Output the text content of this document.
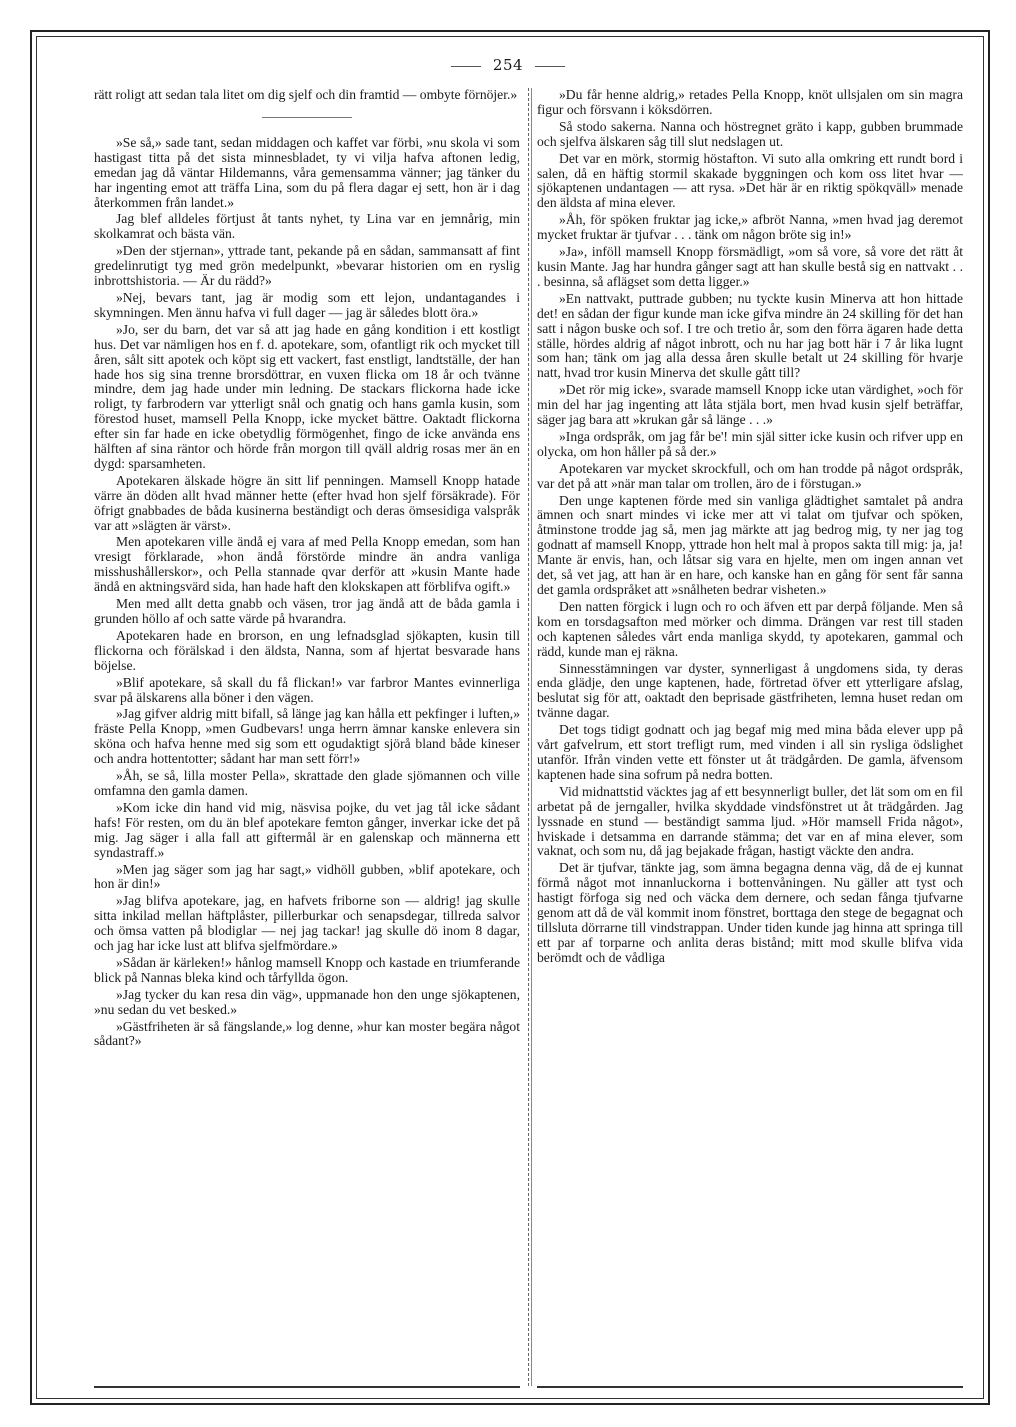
254

rätt roligt att sedan tala litet om dig sjelf och din framtid — ombyte förnöjer.»

»Se så,» sade tant, sedan middagen och kaffet var förbi, »nu skola vi som hastigast titta på det sista minnesbladet, ty vi vilja hafva aftonen ledig, emedan jag då väntar Hildemanns, våra gemensamma vänner; jag tänker du har ingenting emot att träffa Lina, som du på flera dagar ej sett, hon är i dag återkommen från landet.»

Jag blef alldeles förtjust åt tants nyhet, ty Lina var en jemnårig, min skolkamrat och bästa vän.

»Den der stjernan», yttrade tant, pekande på en sådan, sammansatt af fint gredelinrutigt tyg med grön medelpunkt, »bevarar historien om en ryslig inbrottshistoria. — Är du rädd?»

»Nej, bevars tant, jag är modig som ett lejon, undantagandes i skymningen. Men ännu hafva vi full dager — jag är således blott öra.»

»Jo, ser du barn, det var så att jag hade en gång kondition i ett kostligt hus. Det var nämligen hos en f. d. apotekare, som, ofantligt rik och mycket till åren, sålt sitt apotek och köpt sig ett vackert, fast enstligt, landtställe, der han hade hos sig sina trenne brorsdöttrar, en vuxen flicka om 18 år och tvänne mindre, dem jag hade under min ledning. De stackars flickorna hade icke roligt, ty farbrodern var ytterligt snål och gnatig och hans gamla kusin, som förestod huset, mamsell Pella Knopp, icke mycket bättre. Oaktadt flickorna efter sin far hade en icke obetydlig förmögenhet, fingo de icke använda ens hälften af sina räntor och hörde från morgon till qväll aldrig rosas mer än en dygd: sparsamheten.

Apotekaren älskade högre än sitt lif penningen. Mamsell Knopp hatade värre än döden allt hvad männer hette (efter hvad hon sjelf försäkrade). För öfrigt gnabbades de båda kusinerna beständigt och deras ömsesidiga valspråk var att »slägten är värst».

Men apotekaren ville ändå ej vara af med Pella Knopp emedan, som han vresigt förklarade, »hon ändå förstörde mindre än andra vanliga misshushållerskor», och Pella stannade qvar derför att »kusin Mante hade ändå en aktningsvärd sida, han hade haft den klokskapen att förblifva ogift.»

Men med allt detta gnabb och väsen, tror jag ändå att de båda gamla i grunden höllo af och satte värde på hvarandra.

Apotekaren hade en brorson, en ung lefnadsglad sjökapten, kusin till flickorna och förälskad i den äldsta, Nanna, som af hjertat besvarade hans böjelse.

»Blif apotekare, så skall du få flickan!» var farbror Mantes evinnerliga svar på älskarens alla böner i den vägen.

»Jag gifver aldrig mitt bifall, så länge jag kan hålla ett pekfinger i luften,» fräste Pella Knopp, »men Gudbevars! unga herrn ämnar kanske enlevera sin sköna och hafva henne med sig som ett ogudaktigt sjörå bland både kineser och andra hottentotter; sådant har man sett förr!»

»Åh, se så, lilla moster Pella», skrattade den glade sjömannen och ville omfamna den gamla damen.

»Kom icke din hand vid mig, näsvisa pojke, du vet jag tål icke sådant hafs! För resten, om du än blef apotekare femton gånger, inverkar icke det på mig. Jag säger i alla fall att giftermål är en galenskap och männerna ett syndastraff.»

»Men jag säger som jag har sagt,» vidhöll gubben, »blif apotekare, och hon är din!»

»Jag blifva apotekare, jag, en hafvets friborne son — aldrig! jag skulle sitta inkilad mellan häftplåster, pillerburkar och senapsdegar, tillreda salvor och ömsa vatten på blodiglar — nej jag tackar! jag skulle dö inom 8 dagar, och jag har icke lust att blifva sjelfmördare.»

»Sådan är kärleken!» hånlog mamsell Knopp och kastade en triumferande blick på Nannas bleka kind och tårfyllda ögon.

»Jag tycker du kan resa din väg», uppmanade hon den unge sjökaptenen, »nu sedan du vet besked.»

»Gästfriheten är så fängslande,» log denne, »hur kan moster begära något sådant?»

»Du får henne aldrig,» retades Pella Knopp, knöt ullsjalen om sin magra figur och försvann i köksdörren.

Så stodo sakerna. Nanna och höstregnet gräto i kapp, gubben brummade och sjelfva älskaren såg till slut nedslagen ut.

Det var en mörk, stormig höstafton. Vi suto alla omkring ett rundt bord i salen, då en häftig stormil skakade byggningen och kom oss litet hvar — sjökaptenen undantagen — att rysa. »Det här är en riktig spökqväll» menade den äldsta af mina elever.

»Åh, för spöken fruktar jag icke,» afbröt Nanna, »men hvad jag deremot mycket fruktar är tjufvar . . . tänk om någon bröte sig in!»

»Ja», inföll mamsell Knopp försmädligt, »om så vore, så vore det rätt åt kusin Mante. Jag har hundra gånger sagt att han skulle bestå sig en nattvakt . . . besinna, så aflägset som detta ligger.»

»En nattvakt, puttrade gubben; nu tyckte kusin Minerva att hon hittade det! en sådan der figur kunde man icke gifva mindre än 24 skilling för det han satt i någon buske och sof. I tre och tretio år, som den förra ägaren hade detta ställe, hördes aldrig af något inbrott, och nu har jag bott här i 7 år lika lugnt som han; tänk om jag alla dessa åren skulle betalt ut 24 skilling för hvarje natt, hvad tror kusin Minerva det skulle gått till?

»Det rör mig icke», svarade mamsell Knopp icke utan värdighet, »och för min del har jag ingenting att låta stjäla bort, men hvad kusin sjelf beträffar, säger jag bara att »krukan går så länge . . .»

»Inga ordspråk, om jag får be'! min själ sitter icke kusin och rifver upp en olycka, om hon håller på så der.»

Apotekaren var mycket skrockfull, och om han trodde på något ordspråk, var det på att »när man talar om trollen, äro de i förstugan.»

Den unge kaptenen förde med sin vanliga glädtighet samtalet på andra ämnen och snart mindes vi icke mer att vi talat om tjufvar och spöken, åtminstone trodde jag så, men jag märkte att jag bedrog mig, ty ner jag tog godnatt af mamsell Knopp, yttrade hon helt mal à propos sakta till mig: ja, ja! Mante är envis, han, och låtsar sig vara en hjelte, men om ingen annan vet det, så vet jag, att han är en hare, och kanske han en gång för sent får sanna det gamla ordspråket att »snålheten bedrar visheten.»

Den natten förgick i lugn och ro och äfven ett par derpå följande. Men så kom en torsdagsafton med mörker och dimma. Drängen var rest till staden och kaptenen således vårt enda manliga skydd, ty apotekaren, gammal och rädd, kunde man ej räkna.

Sinnesstämningen var dyster, synnerligast å ungdomens sida, ty deras enda glädje, den unge kaptenen, hade, förtretad öfver ett ytterligare afslag, beslutat sig för att, oaktadt den beprisade gästfriheten, lemna huset redan om tvänne dagar.

Det togs tidigt godnatt och jag begaf mig med mina båda elever upp på vårt gafvelrum, ett stort trefligt rum, med vinden i all sin rysliga ödslighet utanför. Ifrån vinden vette ett fönster ut åt trädgården. De gamla, äfvensom kaptenen hade sina sofrum på nedra botten.

Vid midnattstid väcktes jag af ett besynnerligt buller, det lät som om en fil arbetat på de jerngaller, hvilka skyddade vindsfönstret ut åt trädgården. Jag lyssnade en stund — beständigt samma ljud. »Hör mamsell Frida något», hviskade i detsamma en darrande stämma; det var en af mina elever, som vaknat, och som nu, då jag bejakade frågan, hastigt väckte den andra.

Det är tjufvar, tänkte jag, som ämna begagna denna väg, då de ej kunnat förmå något mot innanluckorna i bottenvåningen. Nu gäller att tyst och hastigt förfoga sig ned och väcka dem dernere, och sedan fånga tjufvarne genom att då de väl kommit inom fönstret, borttaga den stege de begagnat och tillsluta dörrarne till vindstrappan. Under tiden kunde jag hinna att springa till ett par af torparne och anlita deras bistånd; mitt mod skulle blifva vida berömdt och de vådliga
